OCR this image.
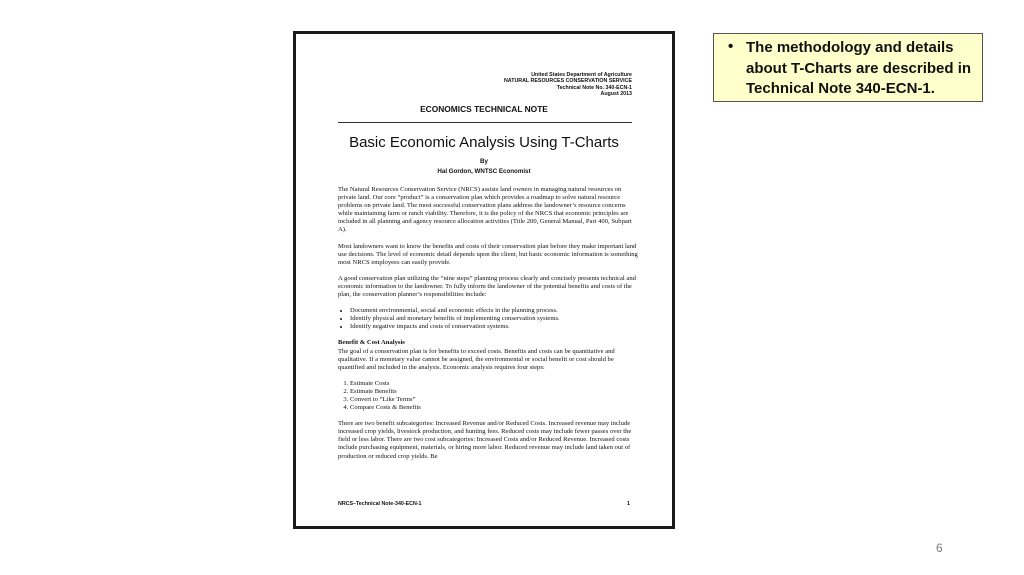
United States Department of Agriculture
NATURAL RESOURCES CONSERVATION SERVICE
Technical Note No. 340-ECN-1
August 2013
ECONOMICS TECHNICAL NOTE
Basic Economic Analysis Using T-Charts
By
Hal Gordon, WNTSC Economist

The Natural Resources Conservation Service (NRCS) assists land owners in managing natural resources on private land. Our core “product” is a conservation plan which provides a roadmap to solve natural resource problems on private land. The most successful conservation plans address the landowner’s resource concerns while maintaining farm or ranch viability. Therefore, it is the policy of the NRCS that economic principles are included in all planning and agency resource allocation activities (Title 200, General Manual, Part 400, Subpart A).

Most landowners want to know the benefits and costs of their conservation plan before they make important land use decisions. The level of economic detail depends upon the client, but basic economic information is something most NRCS employees can easily provide.

A good conservation plan utilizing the “nine steps” planning process clearly and concisely presents technical and economic information to the landowner. To fully inform the landowner of the potential benefits and costs of the plan, the conservation planner’s responsibilities include:

• Document environmental, social and economic effects in the planning process.
• Identify physical and monetary benefits of implementing conservation systems.
• Identify negative impacts and costs of conservation systems.
Benefit & Cost Analysis

The goal of a conservation plan is for benefits to exceed costs. Benefits and costs can be quantitative and qualitative. If a monetary value cannot be assigned, the environmental or social benefit or cost should be quantified and included in the analysis. Economic analysis requires four steps:

1. Estimate Costs
2. Estimate Benefits
3. Convert to “Like Terms”
4. Compare Costs & Benefits

There are two benefit subcategories: Increased Revenue and/or Reduced Costs. Increased revenue may include increased crop yields, livestock production, and hunting fees. Reduced costs may include fewer passes over the field or less labor. There are two cost subcategories: Increased Costs and/or Reduced Revenue. Increased costs include purchasing equipment, materials, or hiring more labor. Reduced revenue may include land taken out of production or reduced crop yields. Be

NRCS–Technical Note-340-ECN-1	1
• The methodology and details about T-Charts are described in Technical Note 340-ECN-1.
6
